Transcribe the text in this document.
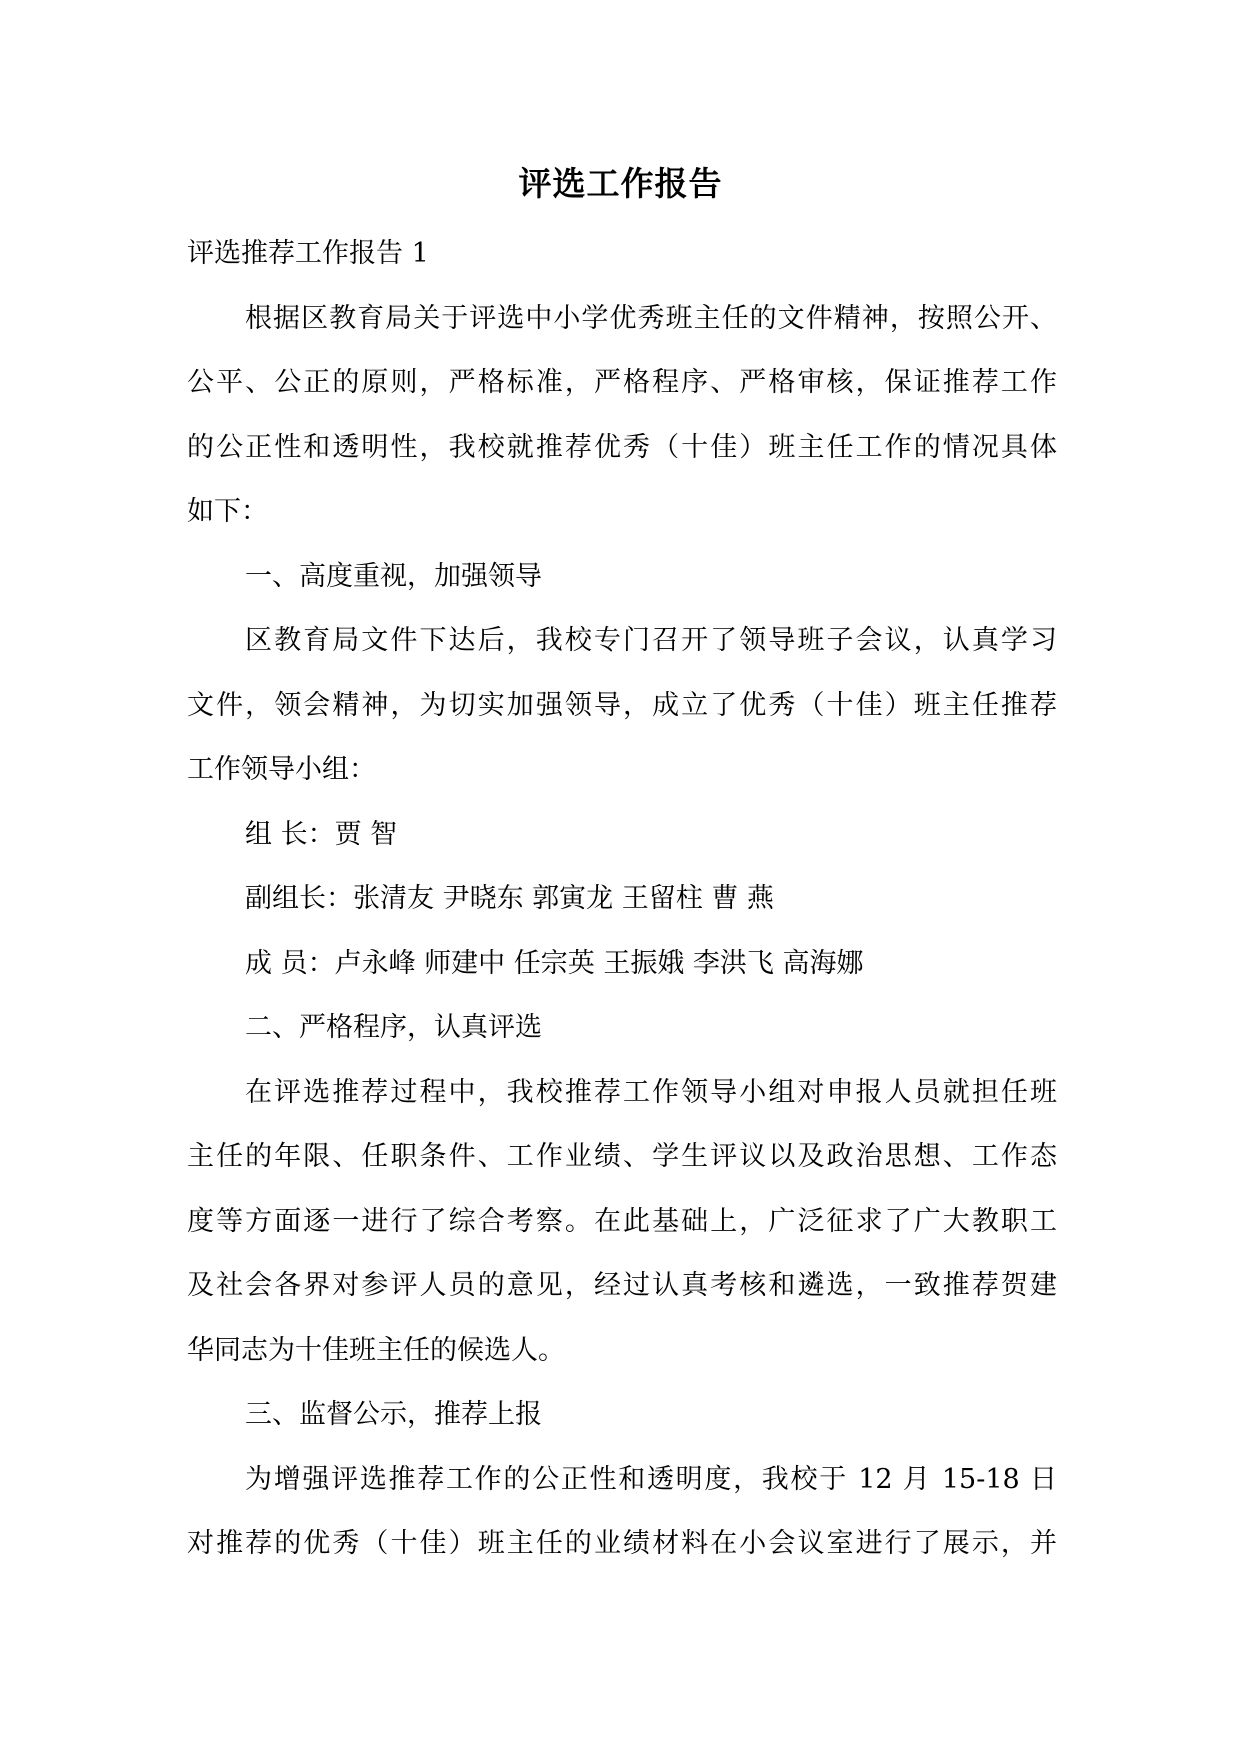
评选工作报告
评选推荐工作报告 1
根据区教育局关于评选中小学优秀班主任的文件精神，按照公开、
公平、公正的原则，严格标准，严格程序、严格审核，保证推荐工作
的公正性和透明性，我校就推荐优秀（十佳）班主任工作的情况具体
如下：
一、高度重视，加强领导
区教育局文件下达后，我校专门召开了领导班子会议，认真学习
文件，领会精神，为切实加强领导，成立了优秀（十佳）班主任推荐
工作领导小组：
组 长：贾 智
副组长：张清友 尹晓东 郭寅龙 王留柱 曹 燕
成 员：卢永峰 师建中 任宗英 王振娥 李洪飞 高海娜
二、严格程序，认真评选
在评选推荐过程中，我校推荐工作领导小组对申报人员就担任班
主任的年限、任职条件、工作业绩、学生评议以及政治思想、工作态
度等方面逐一进行了综合考察。在此基础上，广泛征求了广大教职工
及社会各界对参评人员的意见，经过认真考核和遴选，一致推荐贺建
华同志为十佳班主任的候选人。
三、监督公示，推荐上报
为增强评选推荐工作的公正性和透明度，我校于 12 月 15-18 日
对推荐的优秀（十佳）班主任的业绩材料在小会议室进行了展示，并
